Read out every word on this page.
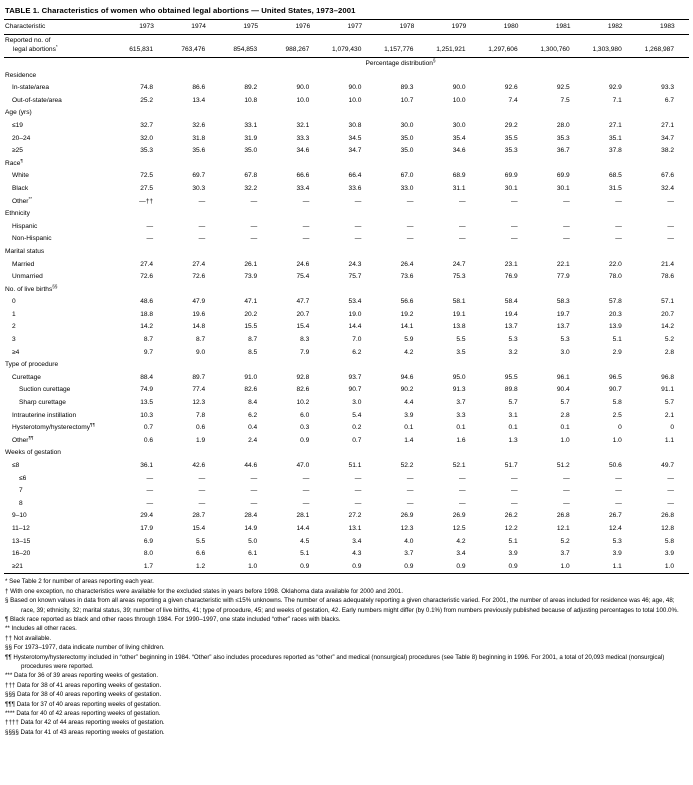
TABLE 1. Characteristics of women who obtained legal abortions — United States, 1973–2001
Characteristic	1973	1974	1975	1976	1977	1978	1979	1980	1981	1982	1983

Reported no. of
legal abortions*	615,831	763,476	854,853	988,267	1,079,430	1,157,776	1,251,921	1,297,606	1,300,760	1,303,980	1,268,987
	Percentage distribution§
Residence											
In-state/area	74.8	86.6	89.2	90.0	90.0	89.3	90.0	92.6	92.5	92.9	93.3
Out-of-state/area	25.2	13.4	10.8	10.0	10.0	10.7	10.0	7.4	7.5	7.1	6.7
Age (yrs)											
≤19	32.7	32.6	33.1	32.1	30.8	30.0	30.0	29.2	28.0	27.1	27.1
20–24	32.0	31.8	31.9	33.3	34.5	35.0	35.4	35.5	35.3	35.1	34.7
≥25	35.3	35.6	35.0	34.6	34.7	35.0	34.6	35.3	36.7	37.8	38.2
Race¶
White	72.5	69.7	67.8	66.6	66.4	67.0	68.9	69.9	69.9	68.5	67.6
Black	27.5	30.3	32.2	33.4	33.6	33.0	31.1	30.1	30.1	31.5	32.4
Other**	—††	—	—	—	—	—	—	—	—	—	—
Ethnicity											
Hispanic	—	—	—	—	—	—	—	—	—	—	—
Non-Hispanic	—	—	—	—	—	—	—	—	—	—	—
Marital status											
Married	27.4	27.4	26.1	24.6	24.3	26.4	24.7	23.1	22.1	22.0	21.4
Unmarried	72.6	72.6	73.9	75.4	75.7	73.6	75.3	76.9	77.9	78.0	78.6
No. of live births§§
0	48.6	47.9	47.1	47.7	53.4	56.6	58.1	58.4	58.3	57.8	57.1
1	18.8	19.6	20.2	20.7	19.0	19.2	19.1	19.4	19.7	20.3	20.7
2	14.2	14.8	15.5	15.4	14.4	14.1	13.8	13.7	13.7	13.9	14.2
3	8.7	8.7	8.7	8.3	7.0	5.9	5.5	5.3	5.3	5.1	5.2
≥4	9.7	9.0	8.5	7.9	6.2	4.2	3.5	3.2	3.0	2.9	2.8
Type of procedure											
Curettage	88.4	89.7	91.0	92.8	93.7	94.6	95.0	95.5	96.1	96.5	96.8
Suction curettage	74.9	77.4	82.6	82.6	90.7	90.2	91.3	89.8	90.4	90.7	91.1
Sharp curettage	13.5	12.3	8.4	10.2	3.0	4.4	3.7	5.7	5.7	5.8	5.7
Intrauterine instillation	10.3	7.8	6.2	6.0	5.4	3.9	3.3	3.1	2.8	2.5	2.1
Hysterotomy/hysterectomy¶¶	0.7	0.6	0.4	0.3	0.2	0.1	0.1	0.1	0.1	0	0
Other¶¶	0.6	1.9	2.4	0.9	0.7	1.4	1.6	1.3	1.0	1.0	1.1
Weeks of gestation											
≤8	36.1	42.6	44.6	47.0	51.1	52.2	52.1	51.7	51.2	50.6	49.7
≤6	—	—	—	—	—	—	—	—	—	—	—
7	—	—	—	—	—	—	—	—	—	—	—
8	—	—	—	—	—	—	—	—	—	—	—
9–10	29.4	28.7	28.4	28.1	27.2	26.9	26.9	26.2	26.8	26.7	26.8
11–12	17.9	15.4	14.9	14.4	13.1	12.3	12.5	12.2	12.1	12.4	12.8
13–15	6.9	5.5	5.0	4.5	3.4	4.0	4.2	5.1	5.2	5.3	5.8
16–20	8.0	6.6	6.1	5.1	4.3	3.7	3.4	3.9	3.7	3.9	3.9
≥21	1.7	1.2	1.0	0.9	0.9	0.9	0.9	0.9	1.0	1.1	1.0
* See Table 2 for number of areas reporting each year.
† With one exception, no characteristics were available for the excluded states in years before 1998. Oklahoma data available for 2000 and 2001.
§ Based on known values in data from all areas reporting a given characteristic with ≤15% unknowns. The number of areas adequately reporting a given characteristic varied. For 2001, the number of areas included for residence was 46; age, 48; race, 39; ethnicity, 32; marital status, 39; number of live births, 41; type of procedure, 45; and weeks of gestation, 42. Early numbers might differ (by 0.1%) from numbers previously published because of adjusting percentages to total 100.0%.
¶ Black race reported as black and other races through 1984. For 1990–1997, one state included “other” races with blacks.
** Includes all other races.
†† Not available.
§§ For 1973–1977, data indicate number of living children.
¶¶ Hysterotomy/hysterectomy included in “other” beginning in 1984. “Other” also includes procedures reported as “other” and medical (nonsurgical) procedures (see Table 8) beginning in 1996. For 2001, a total of 20,093 medical (nonsurgical) procedures were reported.
*** Data for 36 of 39 areas reporting weeks of gestation.
††† Data for 38 of 41 areas reporting weeks of gestation.
§§§ Data for 38 of 40 areas reporting weeks of gestation.
¶¶¶ Data for 37 of 40 areas reporting weeks of gestation.
**** Data for 40 of 42 areas reporting weeks of gestation.
†††† Data for 42 of 44 areas reporting weeks of gestation.
§§§§ Data for 41 of 43 areas reporting weeks of gestation.
